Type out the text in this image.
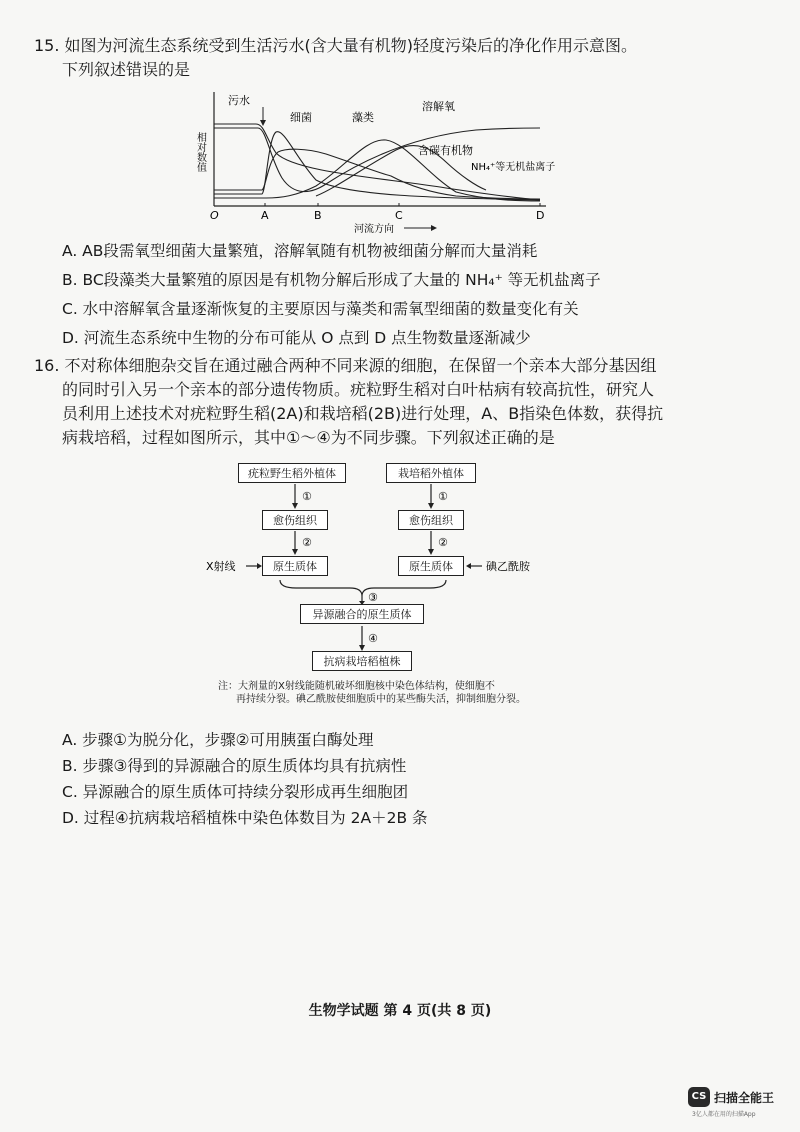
15. 如图为河流生态系统受到生活污水(含大量有机物)轻度污染后的净化作用示意图。

下列叙述错误的是

相对数值
O	A	B	C	D
河流方向
污水
细菌	藻类
溶解氧
含碳有机物
NH₄⁺等无机盐离子
A. AB段需氧型细菌大量繁殖，溶解氧随有机物被细菌分解而大量消耗
B. BC段藻类大量繁殖的原因是有机物分解后形成了大量的 NH₄⁺ 等无机盐离子
C. 水中溶解氧含量逐渐恢复的主要原因与藻类和需氧型细菌的数量变化有关
D. 河流生态系统中生物的分布可能从 O 点到 D 点生物数量逐渐减少

16. 不对称体细胞杂交旨在通过融合两种不同来源的细胞，在保留一个亲本大部分基因组

的同时引入另一个亲本的部分遗传物质。疣粒野生稻对白叶枯病有较高抗性，研究人

员利用上述技术对疣粒野生稻(2A)和栽培稻(2B)进行处理，A、B指染色体数，获得抗

病栽培稻，过程如图所示，其中①～④为不同步骤。下列叙述正确的是

疣粒野生稻外植体	栽培稻外植体
愈伤组织	愈伤组织
原生质体	原生质体
异源融合的原生质体
抗病栽培稻植株
①	①
②	②
X射线	碘乙酰胺
③
④
注：大剂量的X射线能随机破坏细胞核中染色体结构，使细胞不
再持续分裂。碘乙酰胺使细胞质中的某些酶失活，抑制细胞分裂。
A. 步骤①为脱分化，步骤②可用胰蛋白酶处理
B. 步骤③得到的异源融合的原生质体均具有抗病性
C. 异源融合的原生质体可持续分裂形成再生细胞团
D. 过程④抗病栽培稻植株中染色体数目为 2A＋2B 条
生物学试题 第 4 页(共 8 页)
CS 扫描全能王
3亿人都在用的扫描App
